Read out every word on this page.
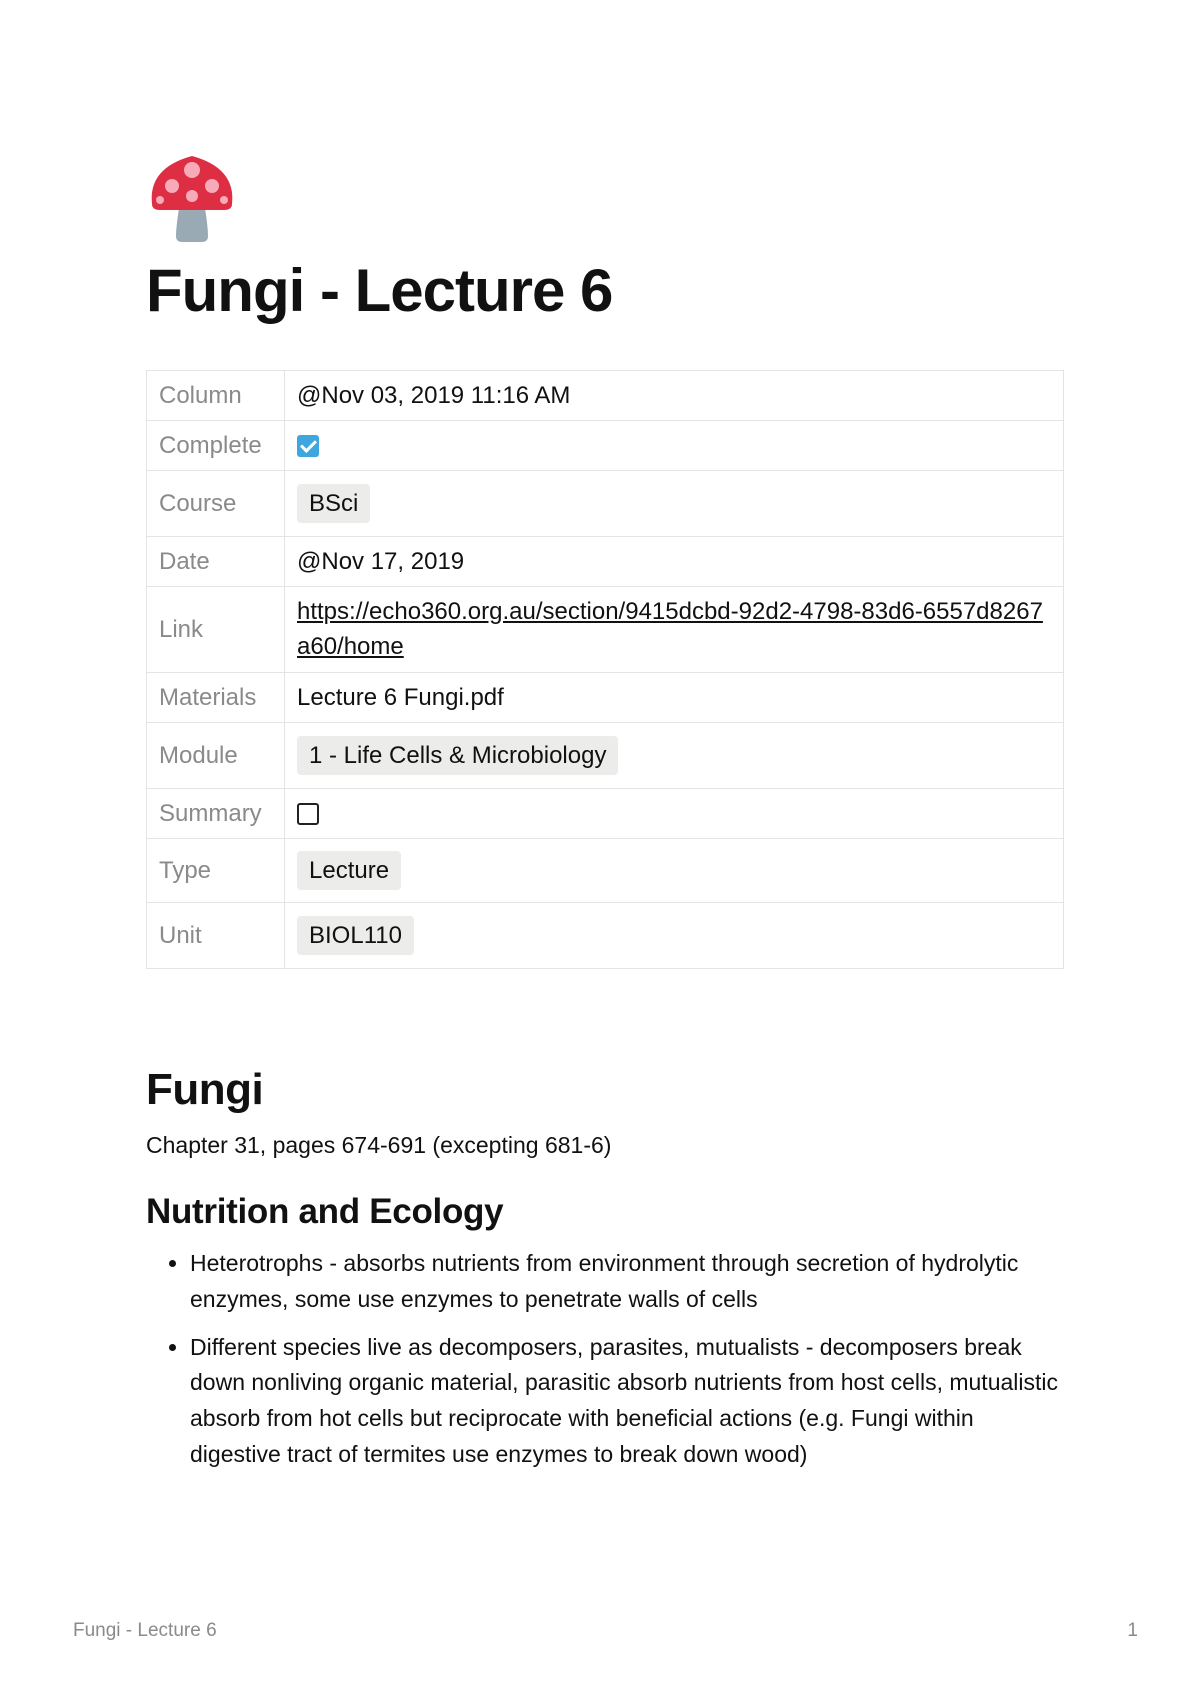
Fungi - Lecture 6
Column	@Nov 03, 2019 11:16 AM
Complete	
Course	BSci
Date	@Nov 17, 2019
Link	https://echo360.org.au/section/9415dcbd-92d2-4798-83d6-6557d8267a60/home
Materials	Lecture 6 Fungi.pdf
Module	1 - Life Cells & Microbiology
Summary	
Type	Lecture
Unit	BIOL110
Fungi

Chapter 31, pages 674-691 (excepting 681-6)

Nutrition and Ecology
• Heterotrophs - absorbs nutrients from environment through secretion of hydrolytic enzymes, some use enzymes to penetrate walls of cells
• Different species live as decomposers, parasites, mutualists - decomposers break down nonliving organic material, parasitic absorb nutrients from host cells, mutualistic absorb from hot cells but reciprocate with beneficial actions (e.g. Fungi within digestive tract of termites use enzymes to break down wood)
Fungi - Lecture 6	1
